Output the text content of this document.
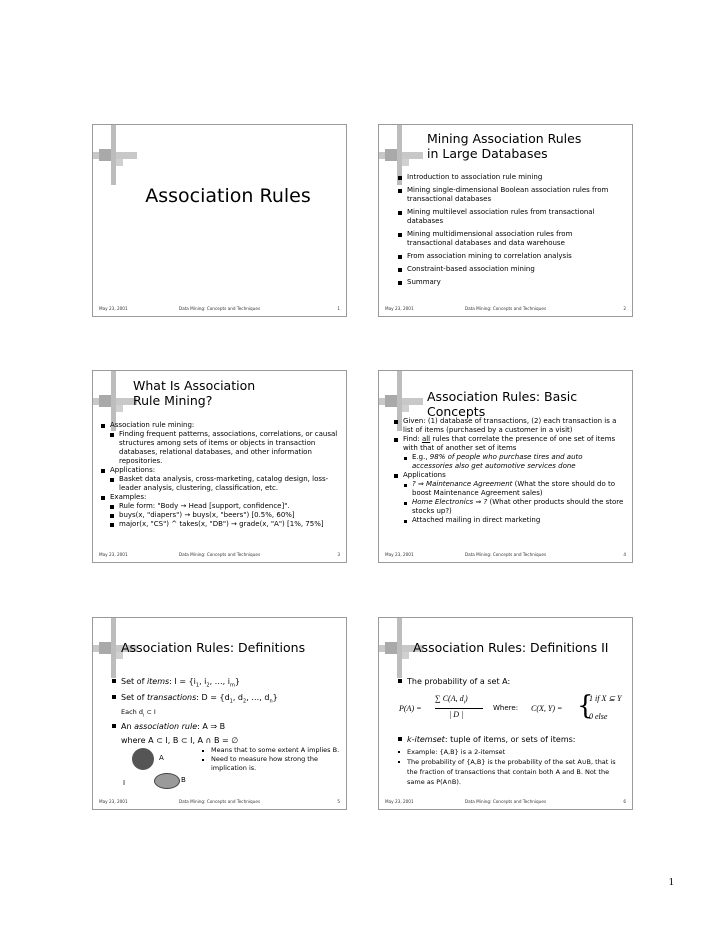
Association Rules
May 23, 2001	Data Mining: Concepts and Techniques	1
Mining Association Rules in Large Databases
Introduction to association rule mining
Mining single-dimensional Boolean association rules from transactional databases
Mining multilevel association rules from transactional databases
Mining multidimensional association rules from transactional databases and data warehouse
From association mining to correlation analysis
Constraint-based association mining
Summary
May 23, 2001	Data Mining: Concepts and Techniques	2
What Is Association Rule Mining?
Association rule mining:
Finding frequent patterns, associations, correlations, or causal structures among sets of items or objects in transaction databases, relational databases, and other information repositories.
Applications:
Basket data analysis, cross-marketing, catalog design, loss-leader analysis, clustering, classification, etc.
Examples:
Rule form: "Body → Head [support, confidence]".
buys(x, "diapers") → buys(x, "beers") [0.5%, 60%]
major(x, "CS") ^ takes(x, "DB") → grade(x, "A") [1%, 75%]
May 23, 2001	Data Mining: Concepts and Techniques	3
Association Rules: Basic Concepts
Given: (1) database of transactions, (2) each transaction is a list of items (purchased by a customer in a visit)
Find: all rules that correlate the presence of one set of items with that of another set of items
E.g., 98% of people who purchase tires and auto accessories also get automotive services done
Applications
? ⇒ Maintenance Agreement (What the store should do to boost Maintenance Agreement sales)
Home Electronics ⇒ ? (What other products should the store stocks up?)
Attached mailing in direct marketing
May 23, 2001	Data Mining: Concepts and Techniques	4
Association Rules: Definitions
Set of items: $I = \{i_1$, $i_2$, …, $i_m$}
Set of transactions: $D = \{d_1$, $d_2$, …, $d_n$}
Each $d_i$ ⊂ I
An association rule: A ⇒ B
where A ⊂ I, B ⊂ I, A ∩ B = ∅
A
B
I
Means that to some extent A implies B.
Need to measure how strong the implication is.
May 23, 2001	Data Mining: Concepts and Techniques	5
Association Rules: Definitions II
The probability of a set A:
P(A) =
∑ C(A, $d_i$)
| D |
Where: C(X, Y) = {
1 if X ⊆ Y
0 else
k-itemset: tuple of items, or sets of items:
Example: {A,B} is a 2-itemset
The probability of {A,B} is the probability of the set A∪B, that is the fraction of transactions that contain both A and B. Not the same as P(A∩B).
May 23, 2001	Data Mining: Concepts and Techniques	6
1
